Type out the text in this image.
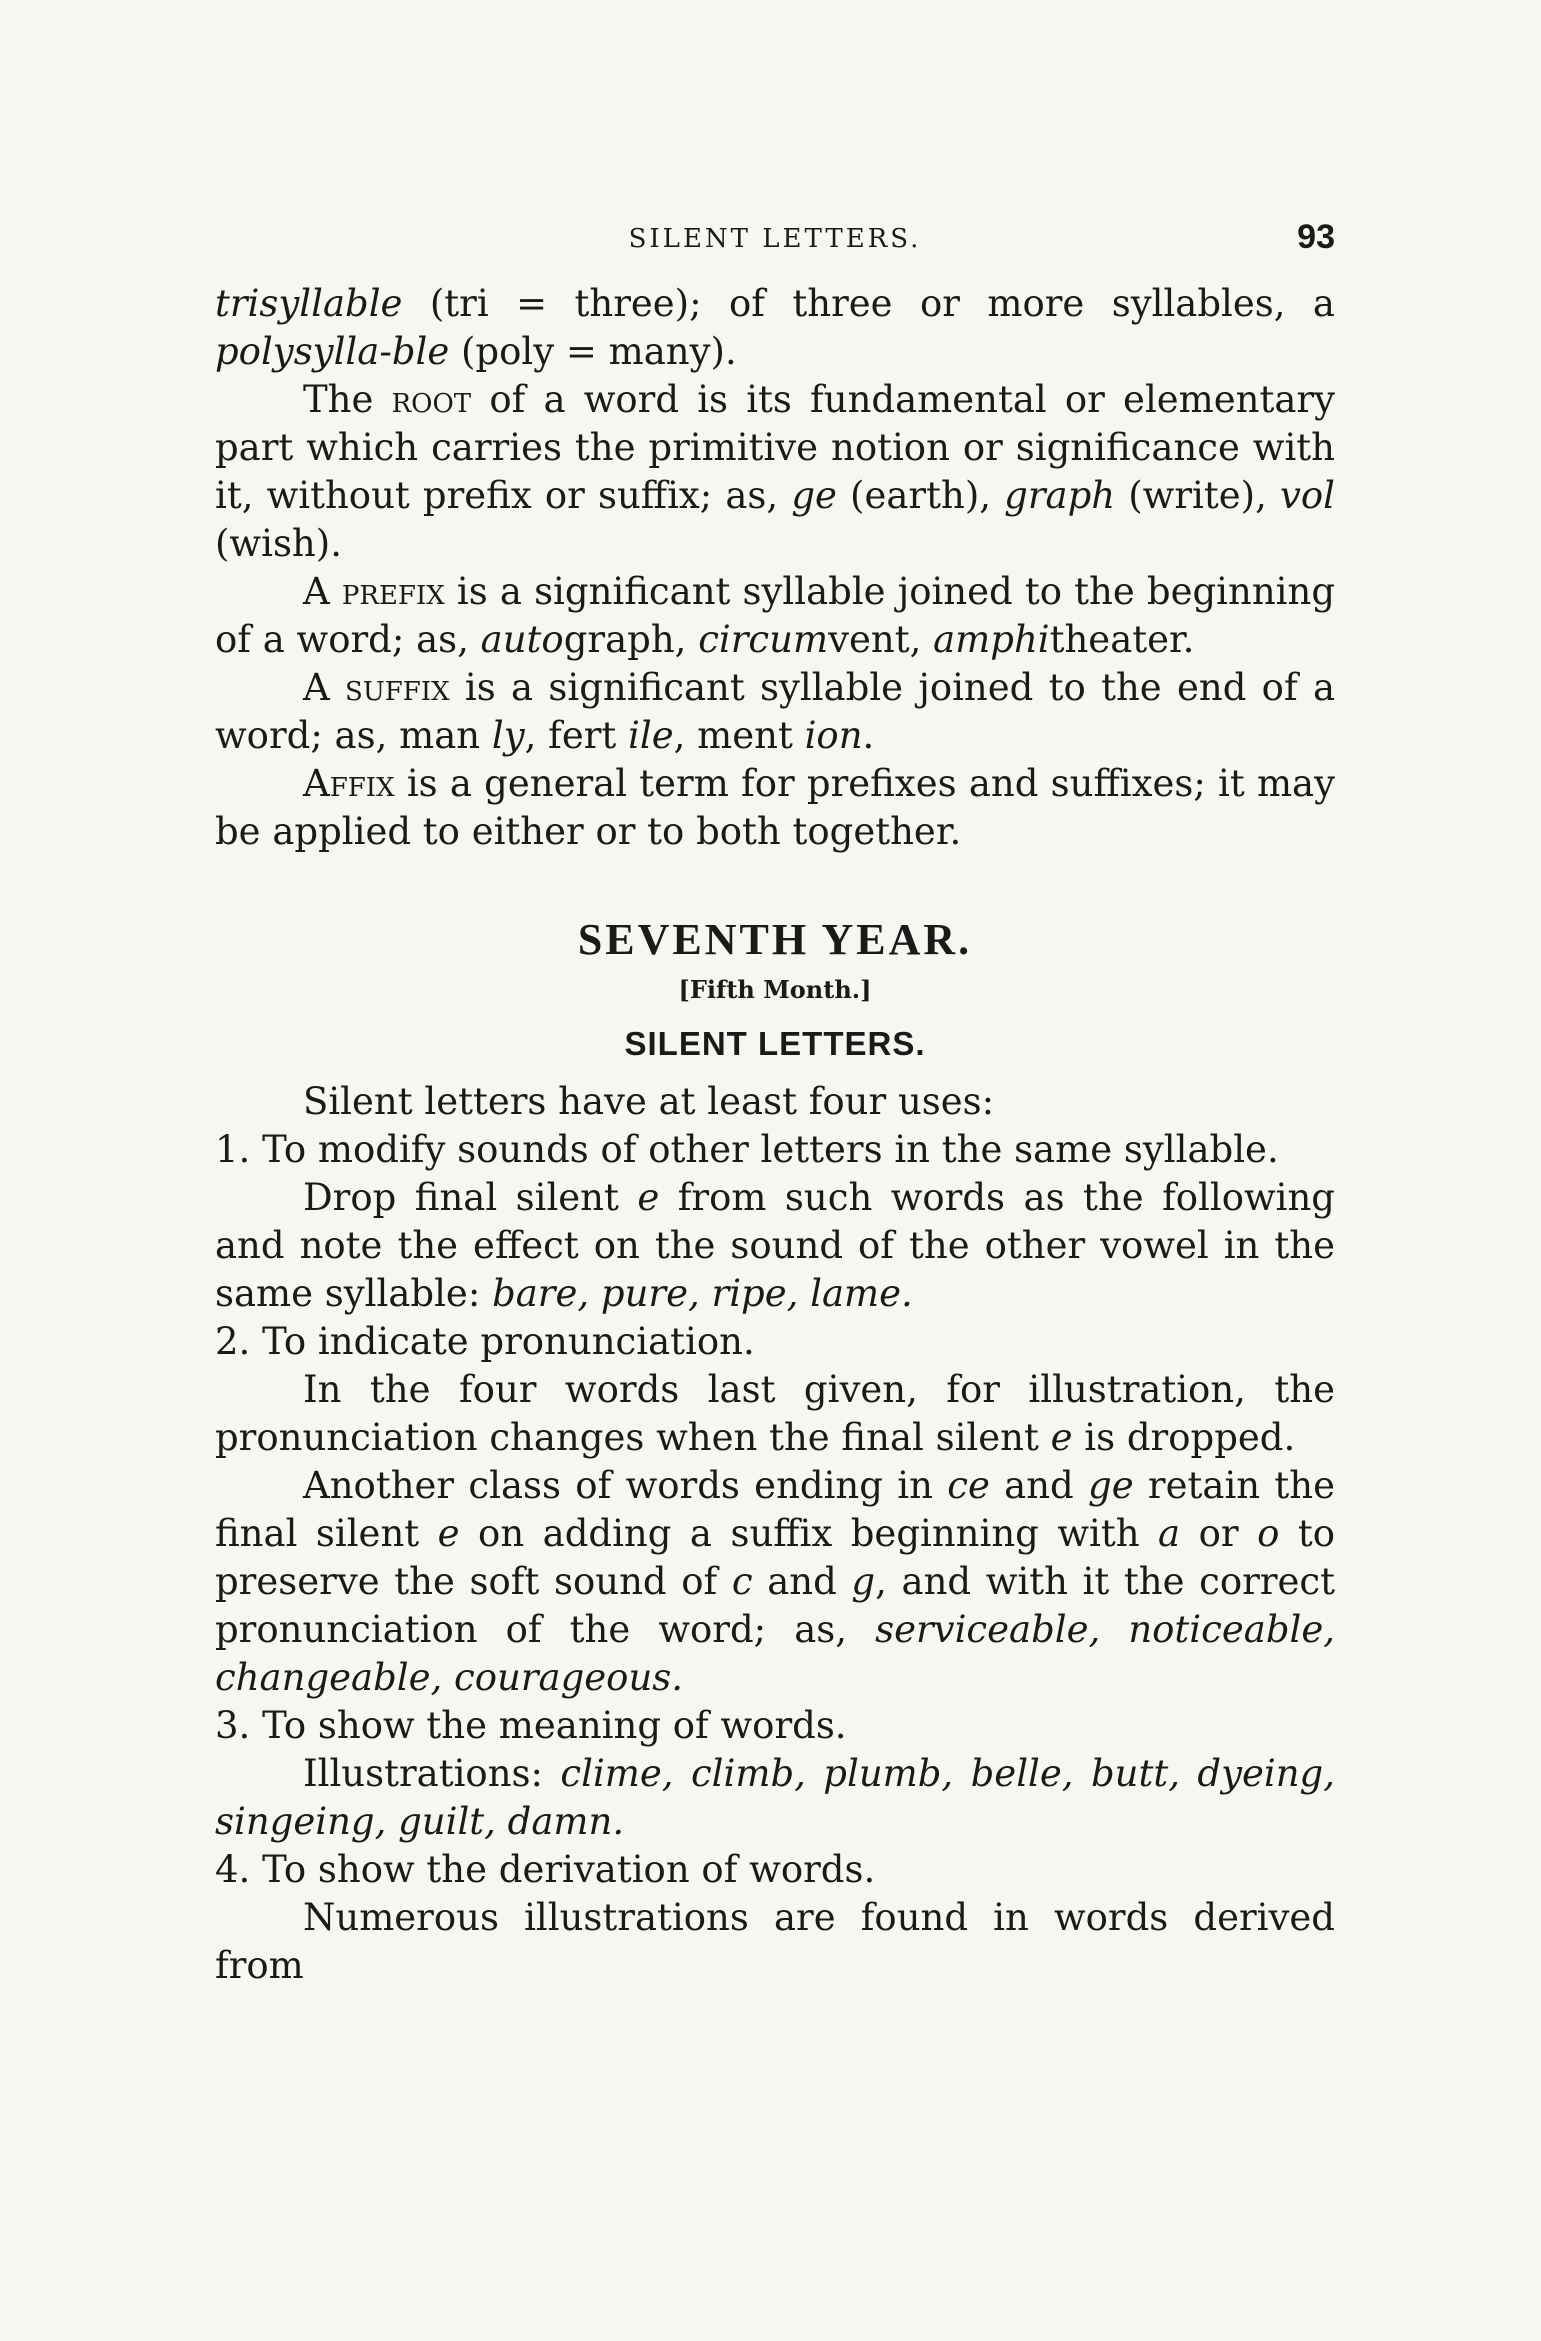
SILENT LETTERS.	93

trisyllable (tri = three); of three or more syllables, a polysylla-ble (poly = many).

The root of a word is its fundamental or elementary part which carries the primitive notion or significance with it, without prefix or suffix; as, ge (earth), graph (write), vol (wish).

A prefix is a significant syllable joined to the beginning of a word; as, autograph, circumvent, amphitheater.

A suffix is a significant syllable joined to the end of a word; as, man ly, fert ile, ment ion.

Affix is a general term for prefixes and suffixes; it may be applied to either or to both together.

SEVENTH YEAR.
[Fifth Month.]
SILENT LETTERS.

Silent letters have at least four uses:

1. To modify sounds of other letters in the same syllable.

Drop final silent e from such words as the following and note the effect on the sound of the other vowel in the same syllable: bare, pure, ripe, lame.

2. To indicate pronunciation.

In the four words last given, for illustration, the pronunciation changes when the final silent e is dropped.

Another class of words ending in ce and ge retain the final silent e on adding a suffix beginning with a or o to preserve the soft sound of c and g, and with it the correct pronunciation of the word; as, serviceable, noticeable, changeable, courageous.

3. To show the meaning of words.

Illustrations: clime, climb, plumb, belle, butt, dyeing, singeing, guilt, damn.

4. To show the derivation of words.

Numerous illustrations are found in words derived from
